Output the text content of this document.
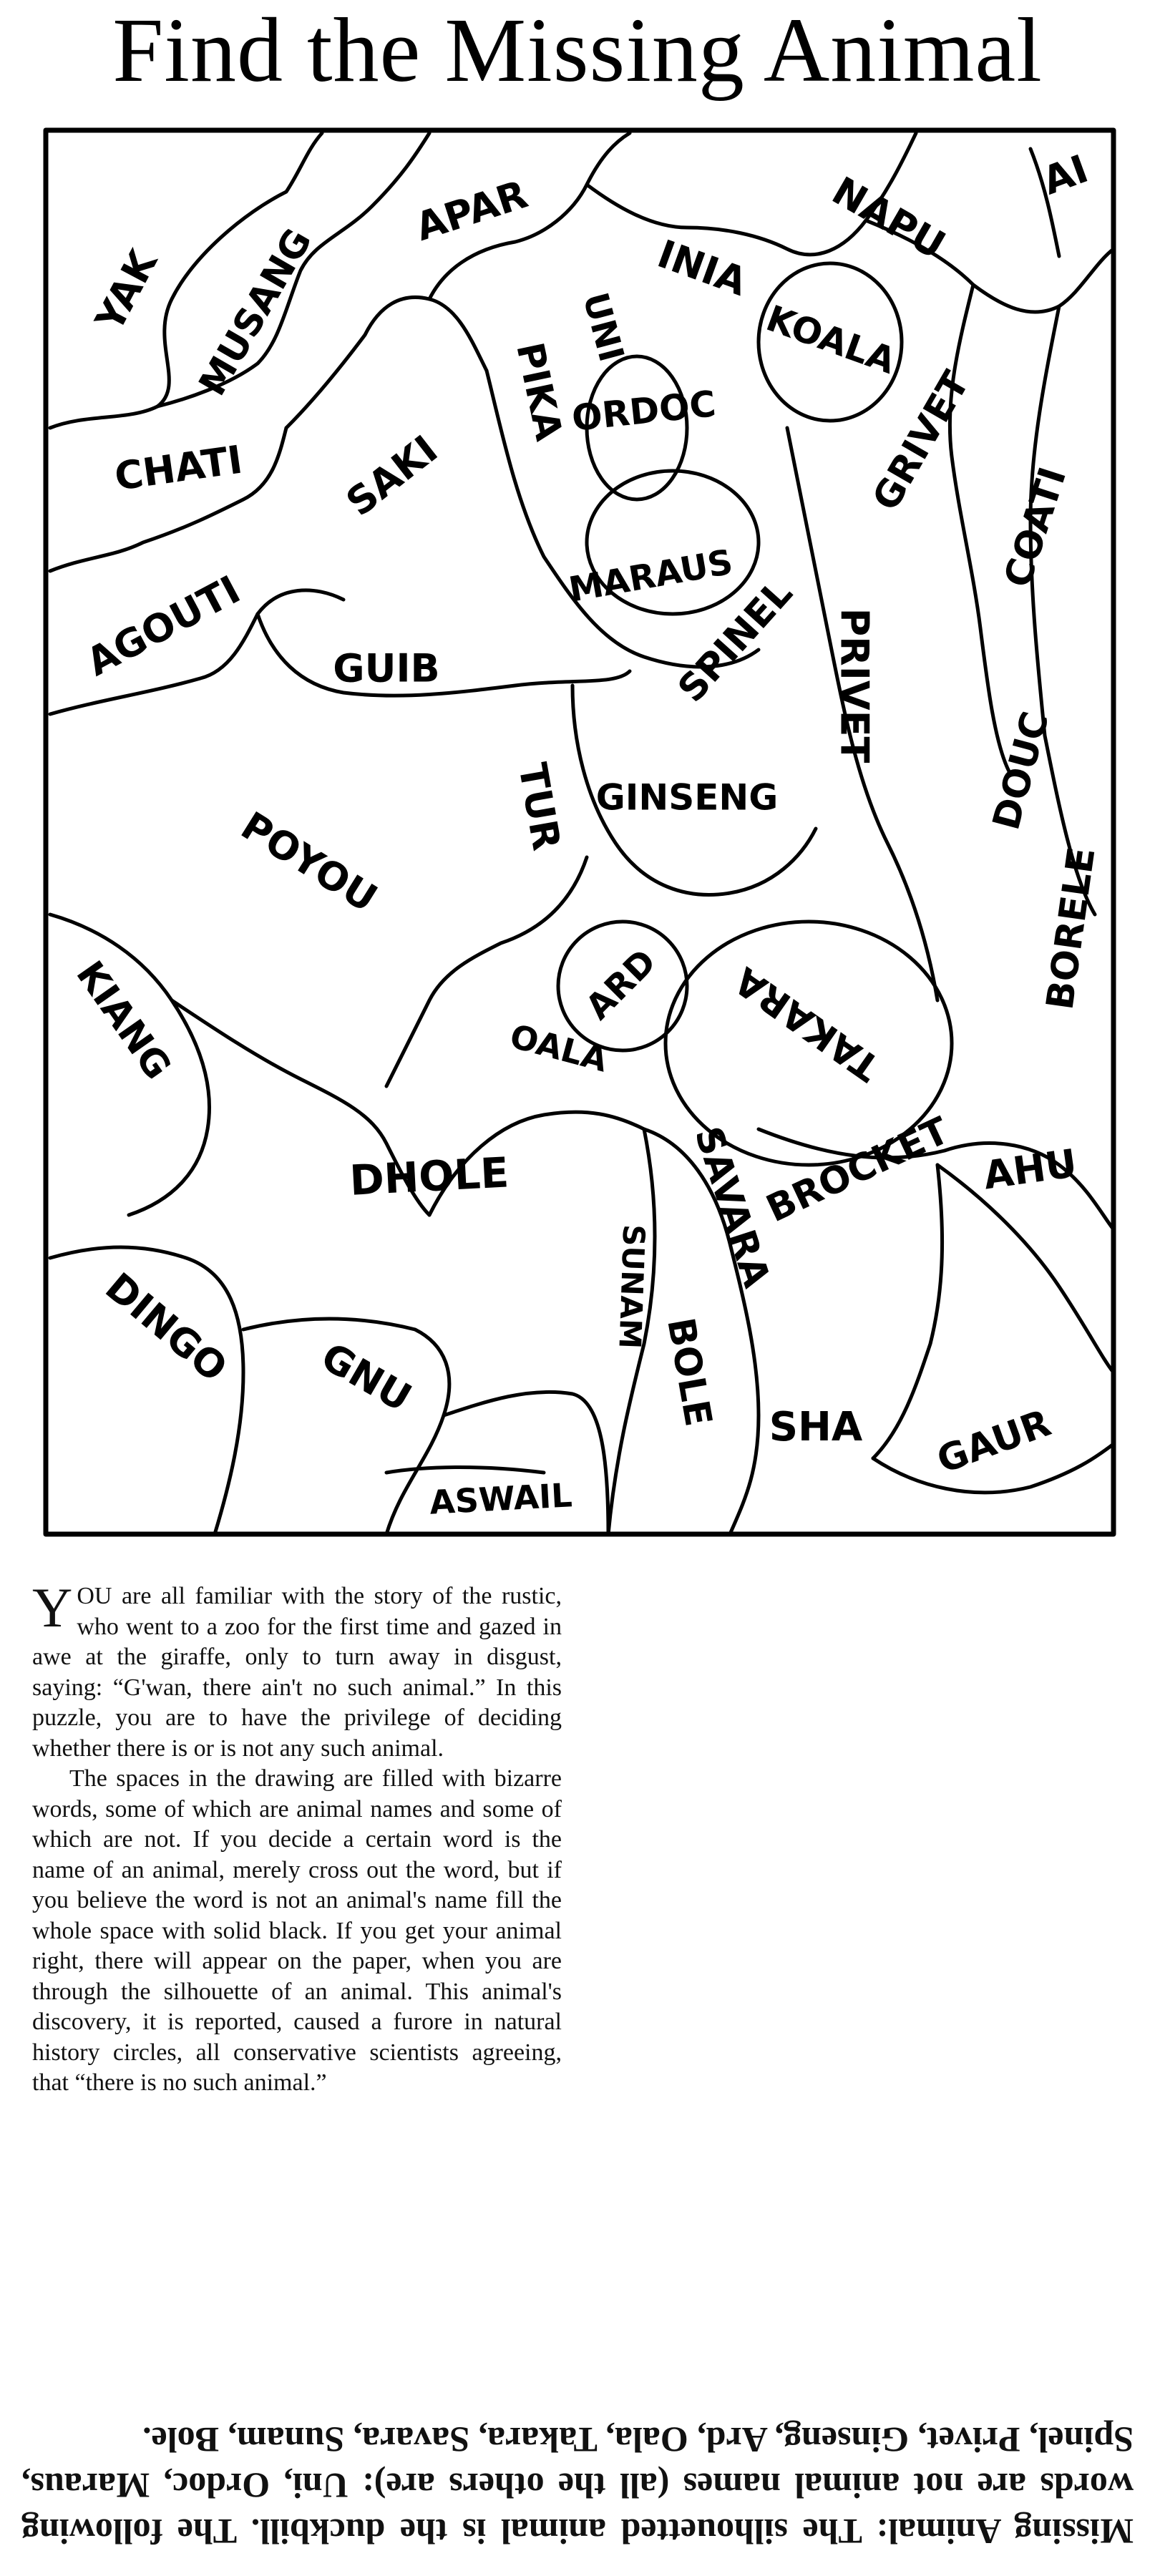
Find the Missing Animal
YAK MUSANG
APAR
INIA NAPU AI
UNI	KOALA
PIKA ORDOC
CHATI SAKI	GRIVET
COATI
MARAUS
AGOUTI	SPINEL PRIVET
GUIB
GINSENG	DOUC
TUR
POYOU	BORELE
KIANG	ARD TAKARA
OALA
SAVARA
BROCKET AHU
DHOLE
SUNAM
DINGO	BOLE
GNU
SHA GAUR
ASWAIL

YOU are all familiar with the story of the rustic, who went to a zoo for the first time and gazed in awe at the giraffe, only to turn away in disgust, saying: “G'wan, there ain't no such animal.” In this puzzle, you are to have the privilege of deciding whether there is or is not any such animal.

The spaces in the drawing are filled with bizarre words, some of which are animal names and some of which are not. If you decide a certain word is the name of an animal, merely cross out the word, but if you believe the word is not an animal's name fill the whole space with solid black. If you get your animal right, there will appear on the paper, when you are through the silhouette of an animal. This animal's discovery, it is reported, caused a furore in natural history circles, all conservative scientists agreeing, that “there is no such animal.”

Missing Animal: The silhouetted animal is the duckbill. The following words are not animal names (all the others are): Uni, Ordoc, Maraus, Spinel, Privet, Ginseng, Ard, Oala, Takara, Savara, Sunam, Bole.
